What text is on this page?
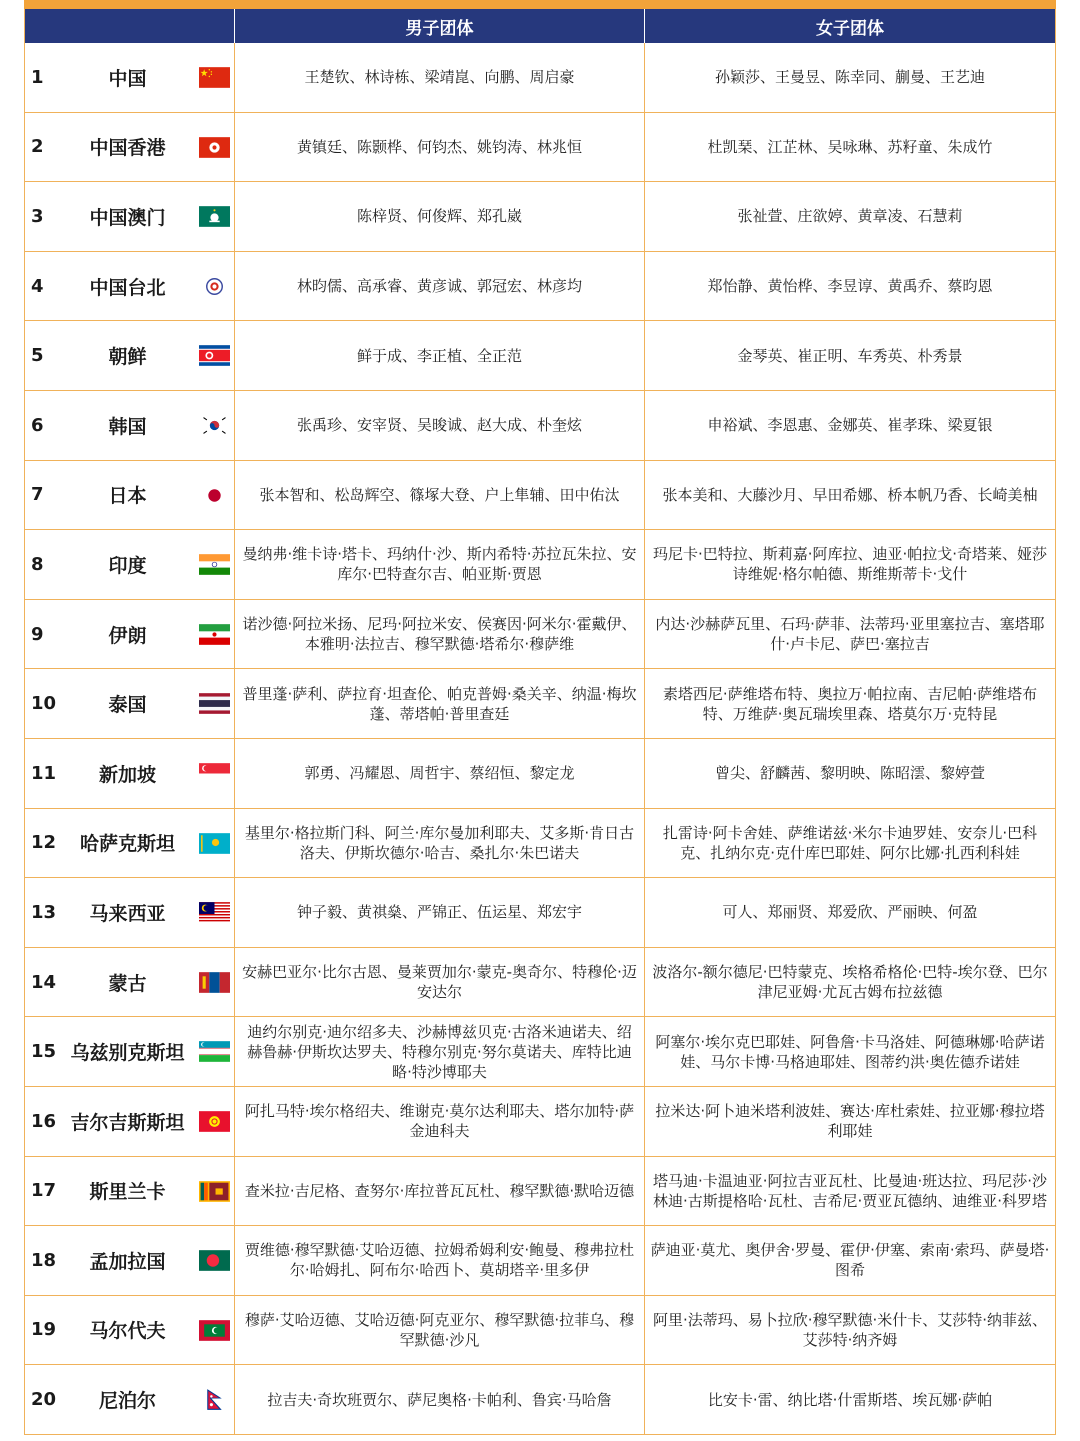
男子团体	女子团体
1	中国	王楚钦、林诗栋、梁靖崑、向鹏、周启豪	孙颖莎、王曼昱、陈幸同、蒯曼、王艺迪
2	中国香港	黄镇廷、陈颢桦、何钧杰、姚钧涛、林兆恒	杜凯琹、江芷林、吴咏琳、苏籽童、朱成竹
3	中国澳门	陈梓贤、何俊辉、郑孔崴	张祉萱、庄欲婷、黄章凌、石慧莉
4	中国台北	林昀儒、高承睿、黄彦诚、郭冠宏、林彦均	郑怡静、黄怡桦、李昱谆、黄禹乔、蔡昀恩
5	朝鲜	鲜于成、李正植、全正范	金琴英、崔正明、车秀英、朴秀景
6	韩国	张禹珍、安宰贤、吴晙诚、赵大成、朴奎炫	申裕斌、李恩惠、金娜英、崔孝珠、梁夏银
7	日本	张本智和、松岛辉空、篠塚大登、户上隼辅、田中佑汰	张本美和、大藤沙月、早田希娜、桥本帆乃香、长崎美柚
8	印度
曼纳弗·维卡诗·塔卡、玛纳什·沙、斯内希特·苏拉瓦朱拉、安库尔·巴特查尔吉、帕亚斯·贾恩
玛尼卡·巴特拉、斯莉嘉·阿库拉、迪亚·帕拉戈·奇塔莱、娅莎诗维妮·格尔帕德、斯维斯蒂卡·戈什
9	伊朗
诺沙德·阿拉米扬、尼玛·阿拉米安、侯赛因·阿米尔·霍戴伊、本雅明·法拉吉、穆罕默德·塔希尔·穆萨维
内达·沙赫萨瓦里、石玛·萨菲、法蒂玛·亚里塞拉吉、塞塔耶什·卢卡尼、萨巴·塞拉吉
10	泰国
普里蓬·萨利、萨拉育·坦查伦、帕克普姆·桑关辛、纳温·梅坎蓬、蒂塔帕·普里查廷
素塔西尼·萨维塔布特、奥拉万·帕拉南、吉尼帕·萨维塔布特、万维萨·奥瓦瑞埃里森、塔莫尔万·克特昆
11	新加坡	郭勇、冯耀恩、周哲宇、蔡绍恒、黎定龙	曾尖、舒麟茜、黎明映、陈昭澐、黎婷萱
12	哈萨克斯坦
基里尔·格拉斯门科、阿兰·库尔曼加利耶夫、艾多斯·肯日古洛夫、伊斯坎德尔·哈吉、桑扎尔·朱巴诺夫
扎雷诗·阿卡舍娃、萨维诺兹·米尔卡迪罗娃、安奈儿·巴科克、扎纳尔克·克什库巴耶娃、阿尔比娜·扎西利科娃
13	马来西亚	钟子毅、黄祺燊、严锦正、伍运星、郑宏宇	可人、郑丽贤、郑爱欣、严丽映、何盈
14	蒙古
安赫巴亚尔·比尔古恩、曼莱贾加尔·蒙克-奥奇尔、特穆伦·迈安达尔
波洛尔-额尔德尼·巴特蒙克、埃格希格伦·巴特-埃尔登、巴尔津尼亚姆·尤瓦古姆布拉兹德
15 乌兹别克斯坦
迪约尔别克·迪尔绍多夫、沙赫博兹贝克·古洛米迪诺夫、绍赫鲁赫·伊斯坎达罗夫、特穆尔别克·努尔莫诺夫、库特比迪略·特沙博耶夫
阿塞尔·埃尔克巴耶娃、阿鲁詹·卡马洛娃、阿德琳娜·哈萨诺娃、马尔卡博·马格迪耶娃、图蒂约洪·奥佐德乔诺娃
16 吉尔吉斯斯坦
阿扎马特·埃尔格绍夫、维谢克·莫尔达利耶夫、塔尔加特·萨金迪科夫
拉米达·阿卜迪米塔利波娃、赛达·库杜索娃、拉亚娜·穆拉塔利耶娃
17	斯里兰卡	查米拉·吉尼格、查努尔·库拉普瓦瓦杜、穆罕默德·默哈迈德
塔马迪·卡温迪亚·阿拉吉亚瓦杜、比曼迪·班达拉、玛尼莎·沙林迪·古斯提格哈·瓦杜、吉希尼·贾亚瓦德纳、迪维亚·科罗塔
18	孟加拉国
贾维德·穆罕默德·艾哈迈德、拉姆希姆利安·鲍曼、穆弗拉杜尔·哈姆扎、阿布尔·哈西卜、莫胡塔辛·里多伊
萨迪亚·莫尤、奥伊舍·罗曼、霍伊·伊塞、索南·索玛、萨曼塔·图希
19	马尔代夫
穆萨·艾哈迈德、艾哈迈德·阿克亚尔、穆罕默德·拉菲乌、穆罕默德·沙凡
阿里·法蒂玛、易卜拉欣·穆罕默德·米什卡、艾莎特·纳菲兹、艾莎特·纳齐姆
20	尼泊尔	拉吉夫·奇坎班贾尔、萨尼奥格·卡帕利、鲁宾·马哈詹	比安卡·雷、纳比塔·什雷斯塔、埃瓦娜·萨帕
